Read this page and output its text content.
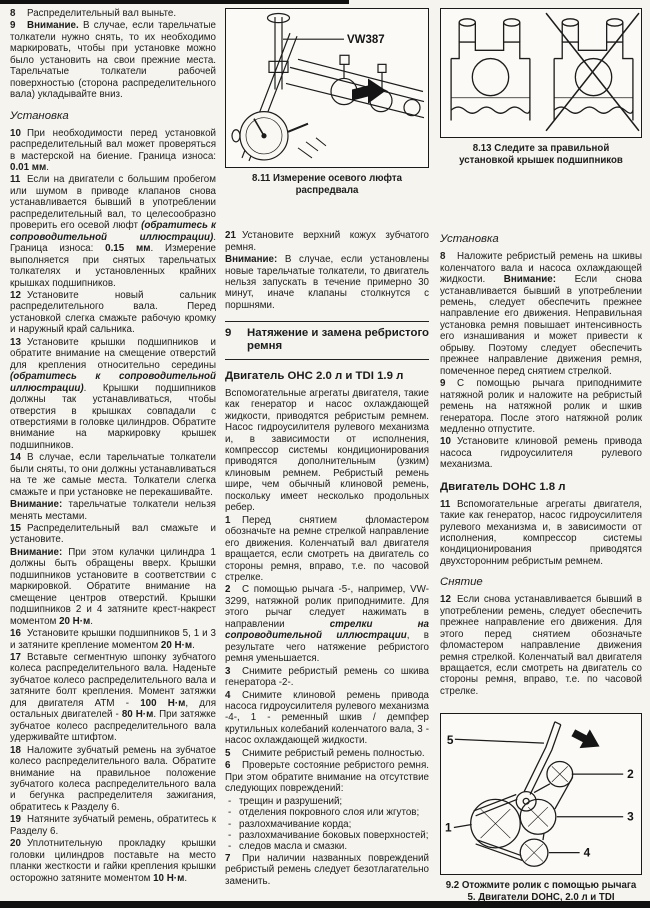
8 Распределительный вал выньте.
9 Внимание. В случае, если тарельчатые толкатели нужно снять, то их необходимо маркировать, чтобы при установке можно было установить на свои прежние места. Тарельчатые толкатели рабочей поверхностью (сторона распределительного вала) укладывайте вниз.
Установка
10 При необходимости перед установкой распределительный вал может проверяться в мастерской на биение. Граница износа: 0.01 мм.
11 Если на двигатели с большим пробегом или шумом в приводе клапанов снова устанавливается бывший в употреблении распределительный вал, то целесообразно проверить его осевой люфт (обратитесь к сопроводительной иллюстрации). Граница износа: 0.15 мм. Измерение выполняется при снятых тарельчатых толкателях и установленных крайних крышках подшипников.
12 Установите новый сальник распределительного вала. Перед установкой слегка смажьте рабочую кромку и наружный край сальника.
13 Установите крышки подшипников и обратите внимание на смещение отверстий для крепления относительно середины (обратитесь к сопроводительной иллюстрации). Крышки подшипников должны так устанавливаться, чтобы отверстия в крышках совпадали с отверстиями в головке цилиндров. Обратите внимание на маркировку крышек подшипников.
14 В случае, если тарельчатые толкатели были сняты, то они должны устанавливаться на те же самые места. Толкатели слегка смажьте и при установке не перекашивайте.
Внимание: тарельчатые толкатели нельзя менять местами.
15 Распределительный вал смажьте и установите.
Внимание: При этом кулачки цилиндра 1 должны быть обращены вверх. Крышки подшипников установите в соответствии с маркировкой. Обратите внимание на смещение центров отверстий. Крышки подшипников 2 и 4 затяните крест-накрест моментом 20 Н·м.
16 Установите крышки подшипников 5, 1 и 3 и затяните крепление моментом 20 Н·м.
17 Вставьте сегментную шпонку зубчатого колеса распределительного вала. Наденьте зубчатое колесо распределительного вала и затяните болт крепления. Момент затяжки для двигателя АТМ - 100 Н·м, для остальных двигателей - 80 Н·м. При затяжке зубчатое колесо распределительного вала удерживайте штифтом.
18 Наложите зубчатый ремень на зубчатое колесо распределительного вала. Обратите внимание на правильное положение зубчатого колеса распределительного вала и бегунка распределителя зажигания, обратитесь к Разделу 6.
19 Натяните зубчатый ремень, обратитесь к Разделу 6.
20 Уплотнительную прокладку крышки головки цилиндров поставьте на место планки жесткости и гайки крепления крышки осторожно затяните моментом 10 Н·м.
VW387
8.11 Измерение осевого люфта распредвала
21 Установите верхний кожух зубчатого ремня.
Внимание: В случае, если установлены новые тарельчатые толкатели, то двигатель нельзя запускать в течение примерно 30 минут, иначе клапаны столкнутся с поршнями.
9	Натяжение и замена ребристого ремня
Двигатель OHC 2.0 л и TDI 1.9 л
Вспомогательные агрегаты двигателя, такие как генератор и насос охлаждающей жидкости, приводятся ребристым ремнем. Насос гидроусилителя рулевого механизма и, в зависимости от исполнения, компрессор системы кондиционирования приводятся дополнительным (узким) клиновым ремнем. Ребристый ремень шире, чем обычный клиновой ремень, поскольку имеет несколько продольных ребер.
1 Перед снятием фломастером обозначьте на ремне стрелкой направление его движения. Коленчатый вал двигателя вращается, если смотреть на двигатель со стороны ремня, вправо, т.е. по часовой стрелке.
2 С помощью рычага -5-, например, VW-3299, натяжной ролик приподнимите. Для этого рычаг следует нажимать в направлении стрелки на сопроводительной иллюстрации, в результате чего натяжение ребристого ремня уменьшается.
3 Снимите ребристый ремень со шкива генератора -2-.
4 Снимите клиновой ремень привода насоса гидроусилителя рулевого механизма -4-, 1 - ременный шкив / демпфер крутильных колебаний коленчатого вала, 3 - насос охлаждающей жидкости.
5 Снимите ребристый ремень полностью.
6 Проверьте состояние ребристого ремня. При этом обратите внимание на отсутствие следующих повреждений:
- трещин и разрушений;
- отделения покровного слоя или жгутов;
- разлохмачивание корда;
- разлохмачивание боковых поверхностей;
- следов масла и смазки.
7 При наличии названных повреждений ребристый ремень следует безотлагательно заменить.
8.13 Следите за правильной установкой крышек подшипников
Установка
8 Наложите ребристый ремень на шкивы коленчатого вала и насоса охлаждающей жидкости. Внимание: Если снова устанавливается бывший в употреблении ремень, следует обеспечить прежнее направление его движения. Неправильная установка ремня повышает интенсивность его изнашивания и может привести к обрыву. Поэтому следует обеспечить прежнее направление движения ремня, помеченное перед снятием стрелкой.
9 С помощью рычага приподнимите натяжной ролик и наложите на ребристый ремень на натяжной ролик и шкив генератора. После этого натяжной ролик медленно отпустите.
10 Установите клиновой ремень привода насоса гидроусилителя рулевого механизма.
Двигатель DOHC 1.8 л
11 Вспомогательные агрегаты двигателя, такие как генератор, насос гидроусилителя рулевого механизма и, в зависимости от исполнения, компрессор системы кондиционирования приводятся двухсторонним ребристым ремнем.
Снятие
12 Если снова устанавливается бывший в употреблении ремень, следует обеспечить прежнее направление его движения. Для этого перед снятием обозначьте фломастером направление движения ремня стрелкой. Коленчатый вал двигателя вращается, если смотреть на двигатель со стороны ремня, вправо, т.е. по часовой стрелке.
5
2
3
4
1
9.2 Отожмите ролик с помощью рычага 5. Двигатели DOHC, 2.0 л и TDI
